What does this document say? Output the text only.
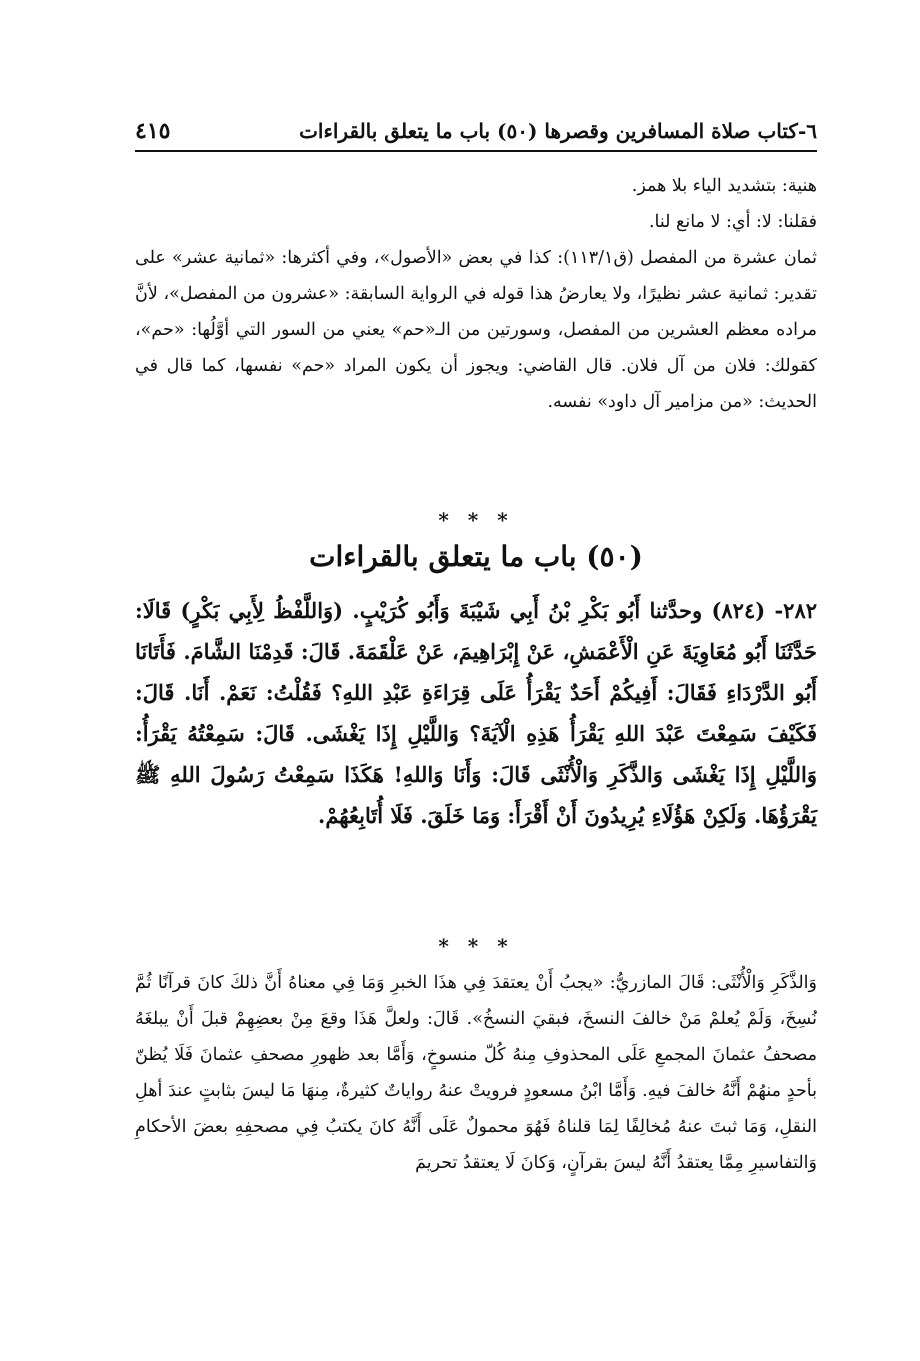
٦-كتاب صلاة المسافرين وقصرها (٥٠) باب ما يتعلق بالقراءات
٤١٥

هنية: بتشديد الياء بلا همز.

فقلنا: لا: أي: لا مانع لنا.

ثمان عشرة من المفصل (ق١١٣/١): كذا في بعض «الأصول»، وفي أكثرها: «ثمانية عشر» على تقدير: ثمانية عشر نظيرًا، ولا يعارضُ هذا قوله في الرواية السابقة: «عشرون من المفصل»، لأنَّ مراده معظم العشرين من المفصل، وسورتين من الـ«حم» يعني من السور التي أوَّلُها: «حم»، كقولك: فلان من آل فلان. قال القاضي: ويجوز أن يكون المراد «حم» نفسها، كما قال في الحديث: «من مزامير آل داود» نفسه.

* * *
(٥٠) باب ما يتعلق بالقراءات

٢٨٢- (٨٢٤) وحدَّثنا أَبُو بَكْرِ بْنُ أَبِي شَيْبَةَ وَأَبُو كُرَيْبٍ. (وَاللَّفْظُ لِأَبِي بَكْرٍ) قَالَا: حَدَّثَنَا أَبُو مُعَاوِيَةَ عَنِ الْأَعْمَشِ، عَنْ إِبْرَاهِيمَ، عَنْ عَلْقَمَةَ. قَالَ: قَدِمْنَا الشَّامَ. فَأَتَانَا أَبُو الدَّرْدَاءِ فَقَالَ: أَفِيكُمْ أَحَدٌ يَقْرَأُ عَلَى قِرَاءَةِ عَبْدِ اللهِ؟ فَقُلْتُ: نَعَمْ. أَنَا. قَالَ: فَكَيْفَ سَمِعْتَ عَبْدَ اللهِ يَقْرَأُ هَذِهِ الْآيَةَ؟ وَاللَّيْلِ إِذَا يَغْشَى. قَالَ: سَمِعْتُهُ يَقْرَأُ: وَاللَّيْلِ إِذَا يَغْشَى وَالذَّكَرِ وَالْأُنْثَى قَالَ: وَأَنَا وَاللهِ! هَكَذَا سَمِعْتُ رَسُولَ اللهِ ﷺ يَقْرَؤُهَا. وَلَكِنْ هَؤُلَاءِ يُرِيدُونَ أَنْ أَقْرَأَ: وَمَا خَلَقَ. فَلَا أُتَابِعُهُمْ.

* * *

وَالذَّكَرِ وَالْأُنْثَى: قَالَ المازريُّ: «يجبُ أَنْ يعتقدَ فِي هذَا الخبرِ وَمَا فِي معناهُ أَنَّ ذلكَ كانَ قرآنًا ثُمَّ نُسِخَ، وَلَمْ يُعلمْ مَنْ خالفَ النسخَ، فبقيَ النسخُ». قَالَ: ولعلَّ هَذَا وقعَ مِنْ بعضِهِمْ قبلَ أَنْ يبلغَهُ مصحفُ عثمانَ المجمعِ عَلَى المحذوفِ مِنهُ كُلّ منسوخٍ، وَأَمَّا بعد ظهورِ مصحفِ عثمانَ فَلَا يُظنّ بأحدٍ منهُمْ أَنَّهُ خالفَ فيهِ. وَأَمَّا ابْنُ مسعودٍ فرويتْ عنهُ رواياتٌ كثيرةٌ، مِنهَا مَا ليسَ بثابتٍ عندَ أهلِ النقلِ، وَمَا ثبتَ عنهُ مُخالِفًا لِمَا قلناهُ فَهُوَ محمولٌ عَلَى أَنَّهُ كانَ يكتبُ فِي مصحفِهِ بعضَ الأحكامِ وَالتفاسيرِ مِمَّا يعتقدُ أَنَّهُ ليسَ بقرآنٍ، وَكانَ لَا يعتقدُ تحريمَ
